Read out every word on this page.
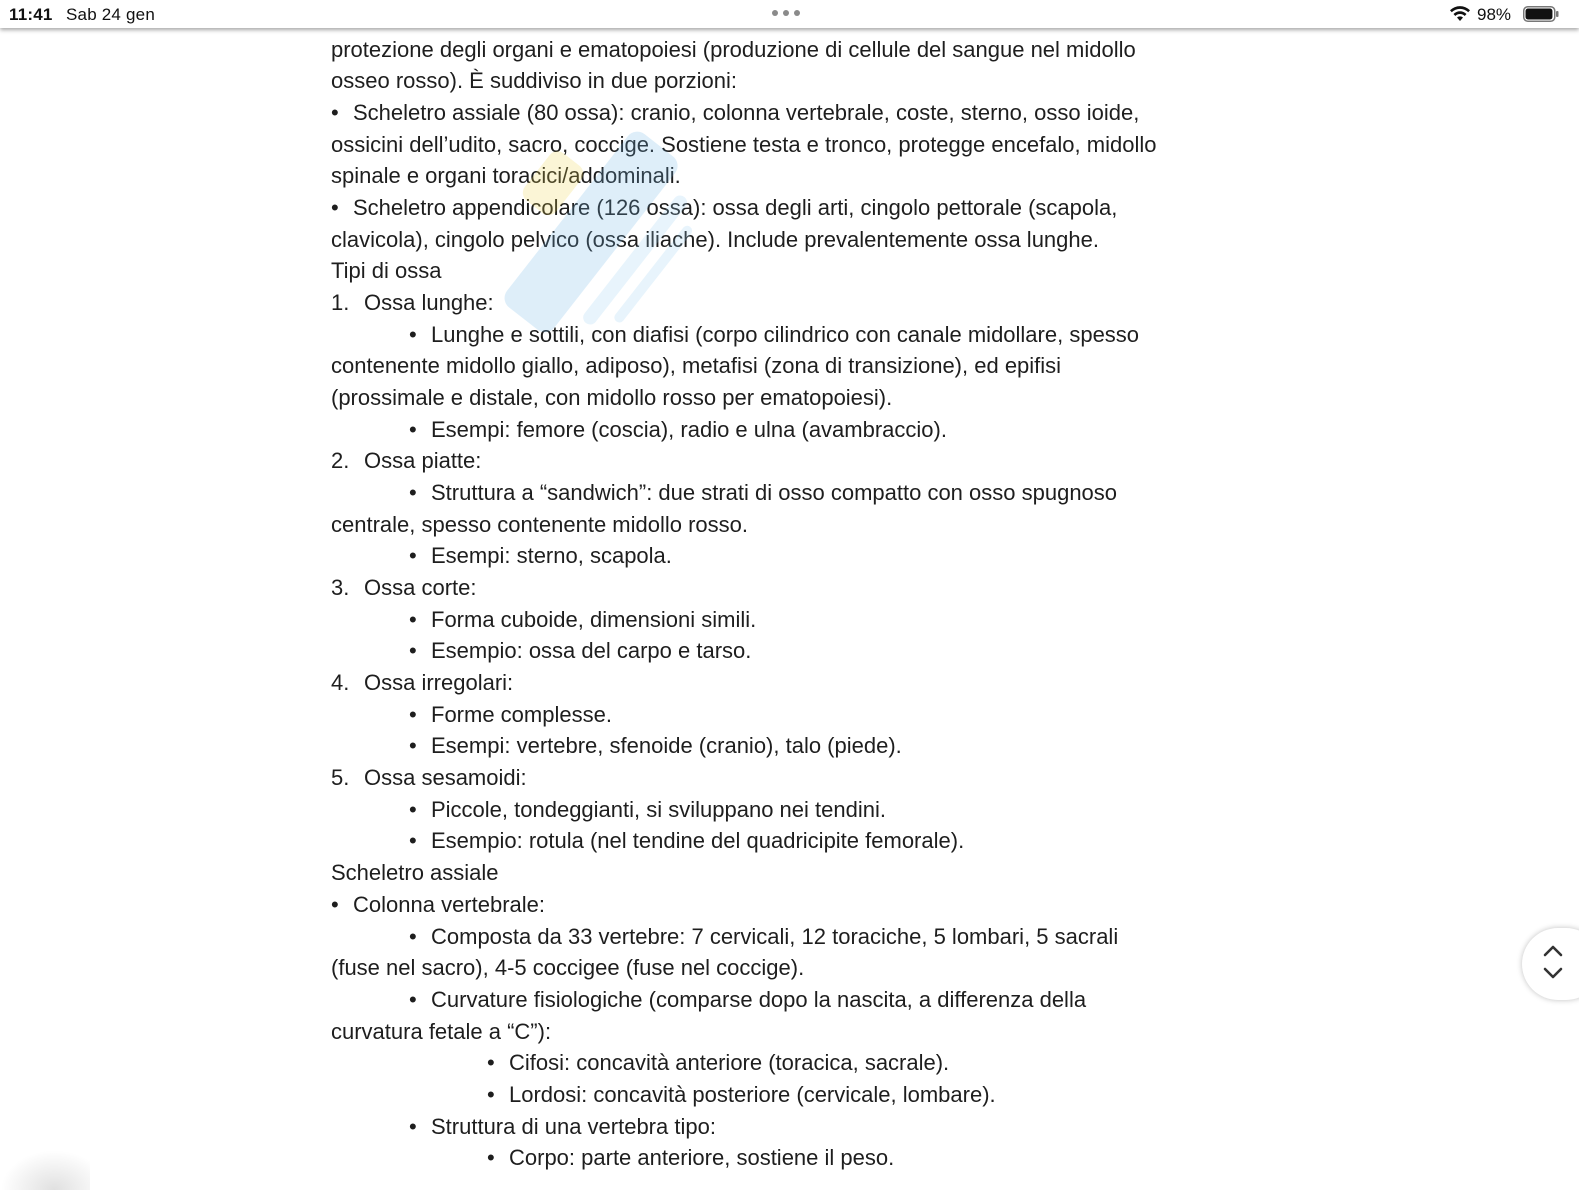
11:41 Sab 24 gen	98%
protezione degli organi e ematopoiesi (produzione di cellule del sangue nel midollo
osseo rosso). È suddiviso in due porzioni:
• Scheletro assiale (80 ossa): cranio, colonna vertebrale, coste, sterno, osso ioide,
ossicini dell’udito, sacro, coccige. Sostiene testa e tronco, protegge encefalo, midollo
spinale e organi toracici/addominali.
• Scheletro appendicolare (126 ossa): ossa degli arti, cingolo pettorale (scapola,
clavicola), cingolo pelvico (ossa iliache). Include prevalentemente ossa lunghe.
Tipi di ossa
1. Ossa lunghe:
• Lunghe e sottili, con diafisi (corpo cilindrico con canale midollare, spesso
contenente midollo giallo, adiposo), metafisi (zona di transizione), ed epifisi
(prossimale e distale, con midollo rosso per ematopoiesi).
• Esempi: femore (coscia), radio e ulna (avambraccio).
2. Ossa piatte:
• Struttura a “sandwich”: due strati di osso compatto con osso spugnoso
centrale, spesso contenente midollo rosso.
• Esempi: sterno, scapola.
3. Ossa corte:
• Forma cuboide, dimensioni simili.
• Esempio: ossa del carpo e tarso.
4. Ossa irregolari:
• Forme complesse.
• Esempi: vertebre, sfenoide (cranio), talo (piede).
5. Ossa sesamoidi:
• Piccole, tondeggianti, si sviluppano nei tendini.
• Esempio: rotula (nel tendine del quadricipite femorale).
Scheletro assiale
• Colonna vertebrale:
• Composta da 33 vertebre: 7 cervicali, 12 toraciche, 5 lombari, 5 sacrali
(fuse nel sacro), 4-5 coccigee (fuse nel coccige).
• Curvature fisiologiche (comparse dopo la nascita, a differenza della
curvatura fetale a “C”):
• Cifosi: concavità anteriore (toracica, sacrale).
• Lordosi: concavità posteriore (cervicale, lombare).
• Struttura di una vertebra tipo:
• Corpo: parte anteriore, sostiene il peso.
